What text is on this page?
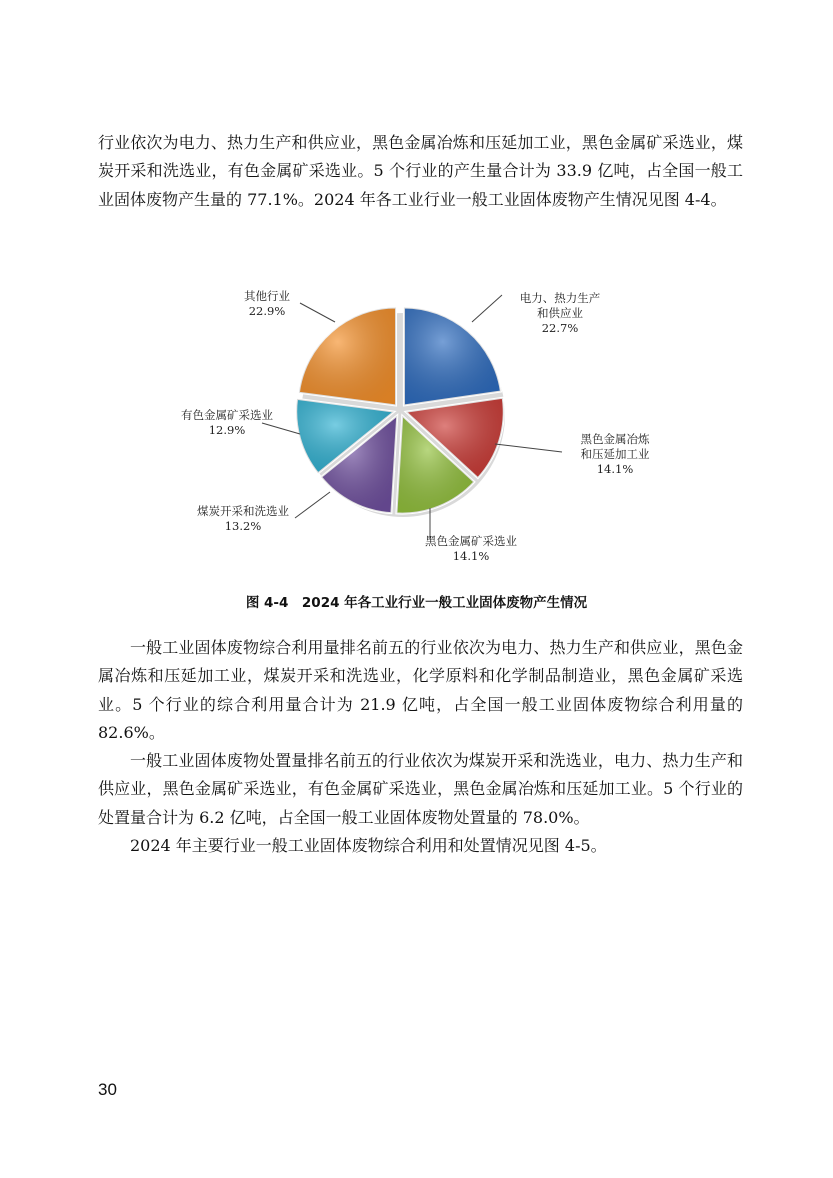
行业依次为电力、热力生产和供应业，黑色金属冶炼和压延加工业，黑色金属矿采选业，煤炭开采和洗选业，有色金属矿采选业。5 个行业的产生量合计为 33.9 亿吨，占全国一般工业固体废物产生量的 77.1%。2024 年各工业行业一般工业固体废物产生情况见图 4-4。

电力、热力生产
和供应业
22.7%
黑色金属冶炼
和压延加工业
14.1%
黑色金属矿采选业
14.1%
煤炭开采和洗选业
13.2%
有色金属矿采选业
12.9%
其他行业
22.9%
图 4-4　2024 年各工业行业一般工业固体废物产生情况

一般工业固体废物综合利用量排名前五的行业依次为电力、热力生产和供应业，黑色金属冶炼和压延加工业，煤炭开采和洗选业，化学原料和化学制品制造业，黑色金属矿采选业。5 个行业的综合利用量合计为 21.9 亿吨，占全国一般工业固体废物综合利用量的 82.6%。

一般工业固体废物处置量排名前五的行业依次为煤炭开采和洗选业，电力、热力生产和供应业，黑色金属矿采选业，有色金属矿采选业，黑色金属冶炼和压延加工业。5 个行业的处置量合计为 6.2 亿吨，占全国一般工业固体废物处置量的 78.0%。

2024 年主要行业一般工业固体废物综合利用和处置情况见图 4-5。

30
